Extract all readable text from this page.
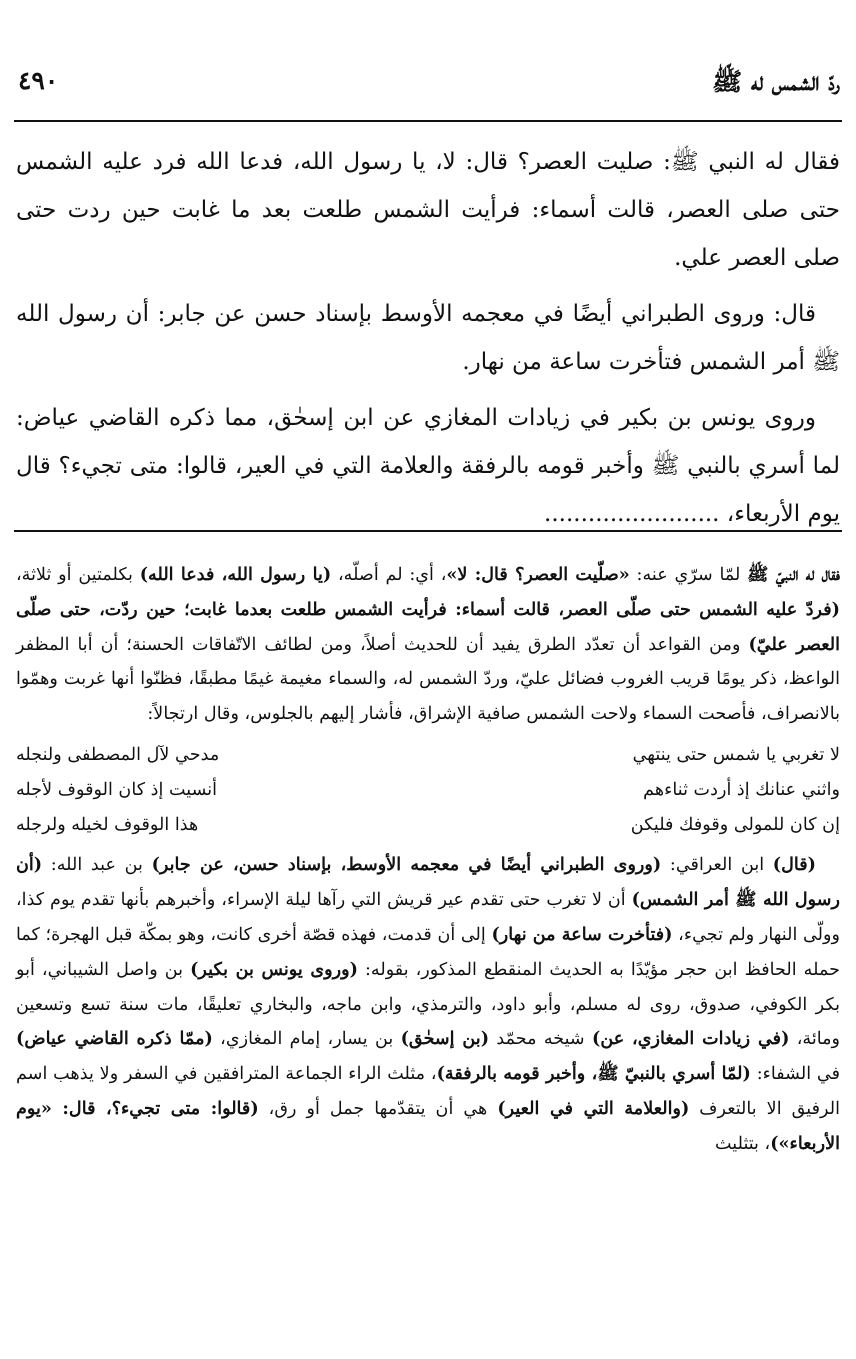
ردّ الشمس له ﷺ
٤٩٠

فقال له النبي ﷺ: صليت العصر؟ قال: لا، يا رسول الله، فدعا الله فرد عليه الشمس حتى صلى العصر، قالت أسماء: فرأيت الشمس طلعت بعد ما غابت حين ردت حتى صلى العصر علي.

قال: وروى الطبراني أيضًا في معجمه الأوسط بإسناد حسن عن جابر: أن رسول الله ﷺ أمر الشمس فتأخرت ساعة من نهار.

وروى يونس بن بكير في زيادات المغازي عن ابن إسحٰق، مما ذكره القاضي عياض: لما أسري بالنبي ﷺ وأخبر قومه بالرفقة والعلامة التي في العير، قالوا: متى تجيء؟ قال يوم الأربعاء، ........................

فقال له النبيّ ﷺ لمّا سرّي عنه: «صلّيت العصر؟ قال: لا»، أي: لم أصلّه، (يا رسول الله، فدعا الله) بكلمتين أو ثلاثة، (فردّ عليه الشمس حتى صلّى العصر، قالت أسماء: فرأيت الشمس طلعت بعدما غابت؛ حين ردّت، حتى صلّى العصر عليّ) ومن القواعد أن تعدّد الطرق يفيد أن للحديث أصلاً، ومن لطائف الاتّفاقات الحسنة؛ أن أبا المظفر الواعظ، ذكر يومًا قريب الغروب فضائل عليّ، وردّ الشمس له، والسماء مغيمة غيمًا مطبقًا، فظنّوا أنها غربت وهمّوا بالانصراف، فأصحت السماء ولاحت الشمس صافية الإشراق، فأشار إليهم بالجلوس، وقال ارتجالاً:

لا تغربي يا شمس حتى ينتهي
مدحي لآل المصطفى ولنجله
واثني عنانك إذ أردت ثناءهم
أنسيت إذ كان الوقوف لأجله
إن كان للمولى وقوفك فليكن
هذا الوقوف لخيله ولرجله

(قال) ابن العراقي: (وروى الطبراني أيضًا في معجمه الأوسط، بإسناد حسن، عن جابر) بن عبد الله: (أن رسول الله ﷺ أمر الشمس) أن لا تغرب حتى تقدم عير قريش التي رآها ليلة الإسراء، وأخبرهم بأنها تقدم يوم كذا، وولّى النهار ولم تجيء، (فتأخرت ساعة من نهار) إلى أن قدمت، فهذه قصّة أخرى كانت، وهو بمكّة قبل الهجرة؛ كما حمله الحافظ ابن حجر مؤيّدًا به الحديث المنقطع المذكور، بقوله: (وروى يونس بن بكير) بن واصل الشيباني، أبو بكر الكوفي، صدوق، روى له مسلم، وأبو داود، والترمذي، وابن ماجه، والبخاري تعليقًا، مات سنة تسع وتسعين ومائة، (في زيادات المغازي، عن) شيخه محمّد (بن إسحٰق) بن يسار، إمام المغازي، (ممّا ذكره القاضي عياض) في الشفاء: (لمّا أسري بالنبيّ ﷺ، وأخبر قومه بالرفقة)، مثلث الراء الجماعة المترافقين في السفر ولا يذهب اسم الرفيق الا بالتعرف (والعلامة التي في العير) هي أن يتقدّمها جمل أو رق، (قالوا: متى تجيء؟، قال: «يوم الأربعاء»)، بتثليث
